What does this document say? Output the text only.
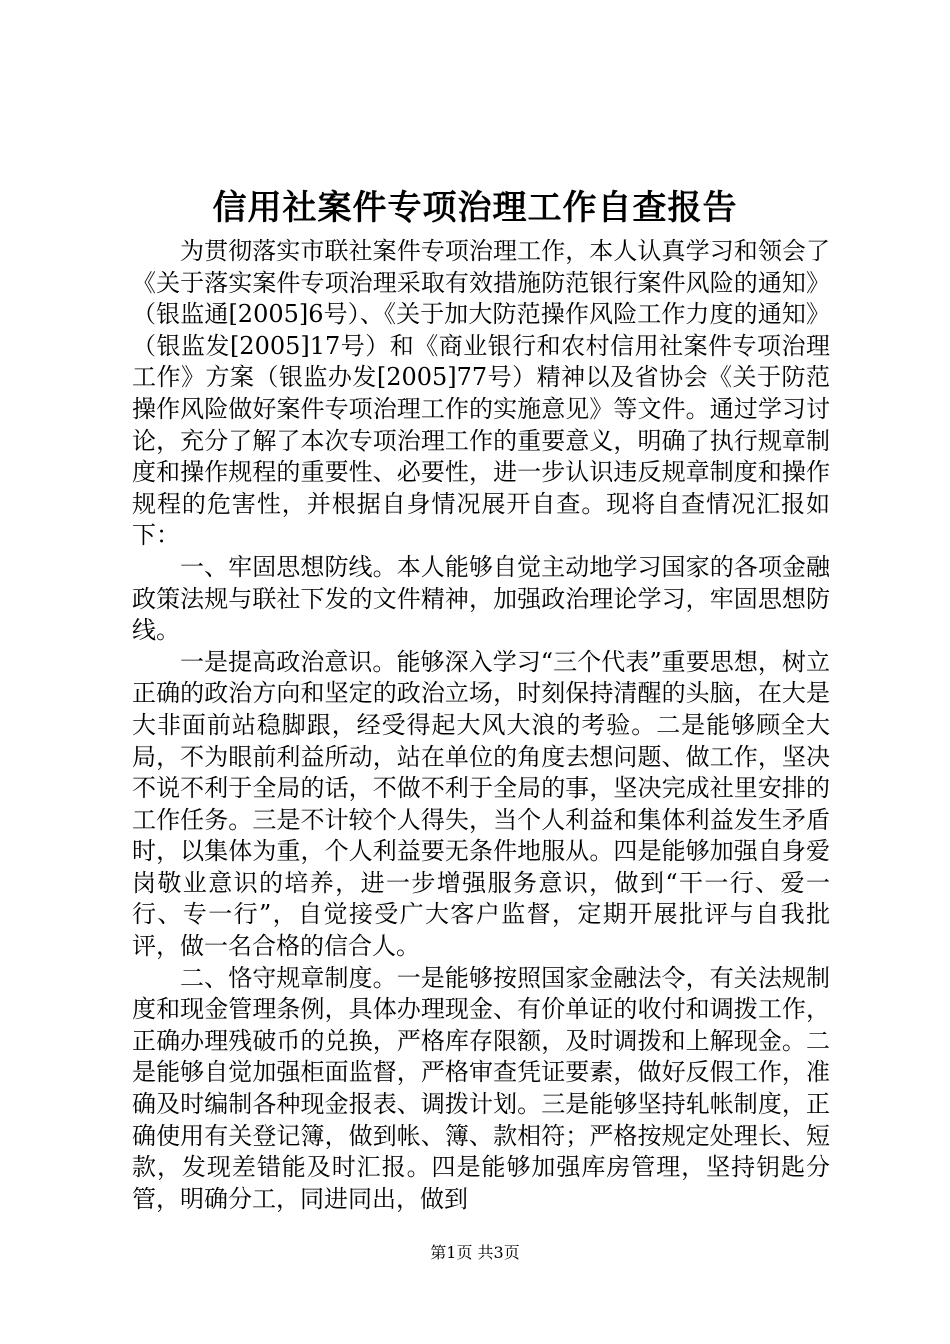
信用社案件专项治理工作自查报告

为贯彻落实市联社案件专项治理工作，本人认真学习和领会了《关于落实案件专项治理采取有效措施防范银行案件风险的通知》（银监通[2005]6号）、《关于加大防范操作风险工作力度的通知》（银监发[2005]17号）和《商业银行和农村信用社案件专项治理工作》方案（银监办发[2005]77号）精神以及省协会《关于防范操作风险做好案件专项治理工作的实施意见》等文件。通过学习讨论，充分了解了本次专项治理工作的重要意义，明确了执行规章制度和操作规程的重要性、必要性，进一步认识违反规章制度和操作规程的危害性，并根据自身情况展开自查。现将自查情况汇报如下：

一、牢固思想防线。本人能够自觉主动地学习国家的各项金融政策法规与联社下发的文件精神，加强政治理论学习，牢固思想防线。

一是提高政治意识。能够深入学习“三个代表”重要思想，树立正确的政治方向和坚定的政治立场，时刻保持清醒的头脑，在大是大非面前站稳脚跟，经受得起大风大浪的考验。二是能够顾全大局，不为眼前利益所动，站在单位的角度去想问题、做工作，坚决不说不利于全局的话，不做不利于全局的事，坚决完成社里安排的工作任务。三是不计较个人得失，当个人利益和集体利益发生矛盾时，以集体为重，个人利益要无条件地服从。四是能够加强自身爱岗敬业意识的培养，进一步增强服务意识，做到“干一行、爱一行、专一行”，自觉接受广大客户监督，定期开展批评与自我批评，做一名合格的信合人。

二、恪守规章制度。一是能够按照国家金融法令，有关法规制度和现金管理条例，具体办理现金、有价单证的收付和调拨工作，正确办理残破币的兑换，严格库存限额，及时调拨和上解现金。二是能够自觉加强柜面监督，严格审查凭证要素，做好反假工作，准确及时编制各种现金报表、调拨计划。三是能够坚持轧帐制度，正确使用有关登记簿，做到帐、簿、款相符；严格按规定处理长、短款，发现差错能及时汇报。四是能够加强库房管理，坚持钥匙分管，明确分工，同进同出，做到

第1页 共3页
